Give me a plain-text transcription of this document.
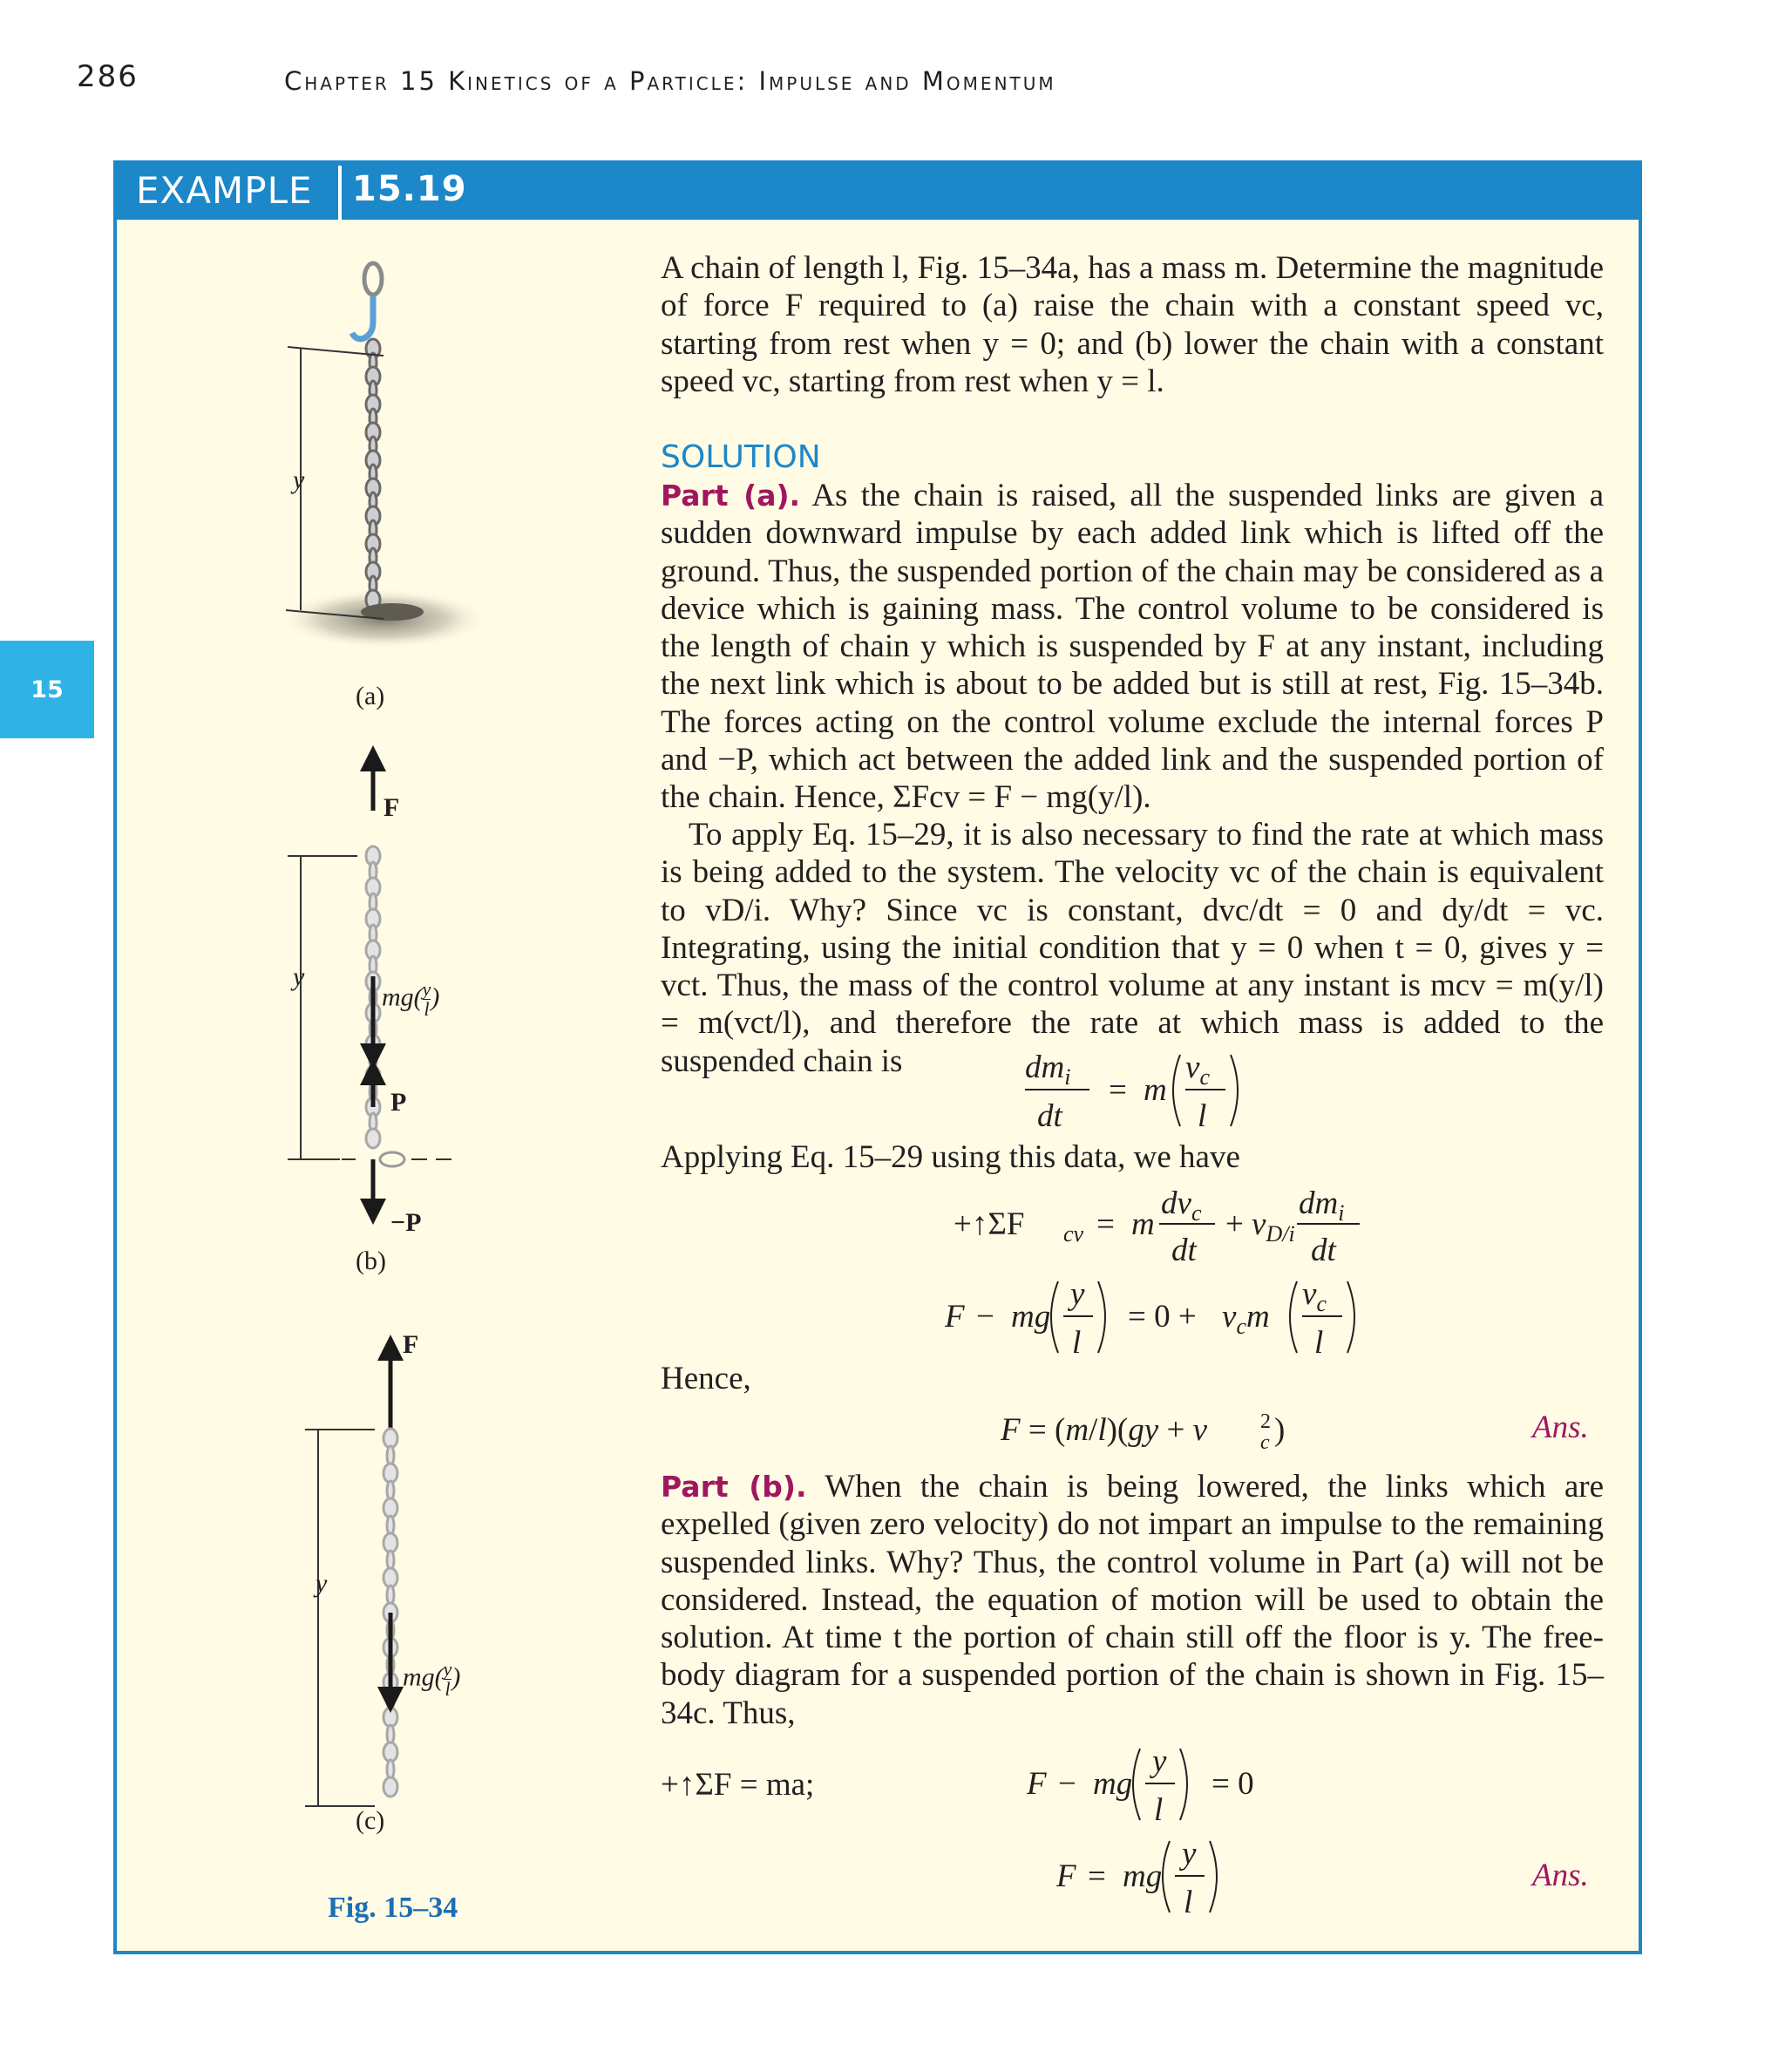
286	Chapter 15 Kinetics of a Particle: Impulse and Momentum
15
EXAMPLE 15.19
y
(a)
F
y
$mg( \frac{y}{l}$ )
P
−P
(b)
F
y
$mg( \frac{y}{l}$ )
(c)
Fig. 15–34

A chain of length l, Fig. 15–34a, has a mass m. Determine the magnitude of force F required to (a) raise the chain with a constant speed vc, starting from rest when y = 0; and (b) lower the chain with a constant speed vc, starting from rest when y = l.

SOLUTION

Part (a). As the chain is raised, all the suspended links are given a sudden downward impulse by each added link which is lifted off the ground. Thus, the suspended portion of the chain may be considered as a device which is gaining mass. The control volume to be considered is the length of chain y which is suspended by F at any instant, including the next link which is about to be added but is still at rest, Fig. 15–34b. The forces acting on the control volume exclude the internal forces P and −P, which act between the added link and the suspended portion of the chain. Hence, ΣFcv = F − mg(y/l).

To apply Eq. 15–29, it is also necessary to find the rate at which mass is being added to the system. The velocity vc of the chain is equivalent to vD/i. Why? Since vc is constant, dvc/dt = 0 and dy/dt = vc. Integrating, using the initial condition that y = 0 when t = 0, gives y = vct. Thus, the mass of the control volume at any instant is mcv = m(y/l) = m(vct/l), and therefore the rate at which mass is added to the suspended chain is	$dm_i$
dt
= m
$v_c$
l

Applying Eq. 15–29 using this data, we have

+↑ΣF cv = m
$dv_c$
dt
+ $v_{D/i}$
$dm_i$
dt
F − mg
y
l
= $0 + v_cm$
$v_c$
l

Hence,

F = (m/l)(gy + v	2
c )	Ans.

Part (b). When the chain is being lowered, the links which are expelled (given zero velocity) do not impart an impulse to the remaining suspended links. Why? Thus, the control volume in Part (a) will not be considered. Instead, the equation of motion will be used to obtain the solution. At time t the portion of chain still off the floor is y. The free-body diagram for a suspended portion of the chain is shown in Fig. 15–34c. Thus,

+↑ΣF = ma;	F − mg
y
l
= 0
F = mg
y
l
Ans.
